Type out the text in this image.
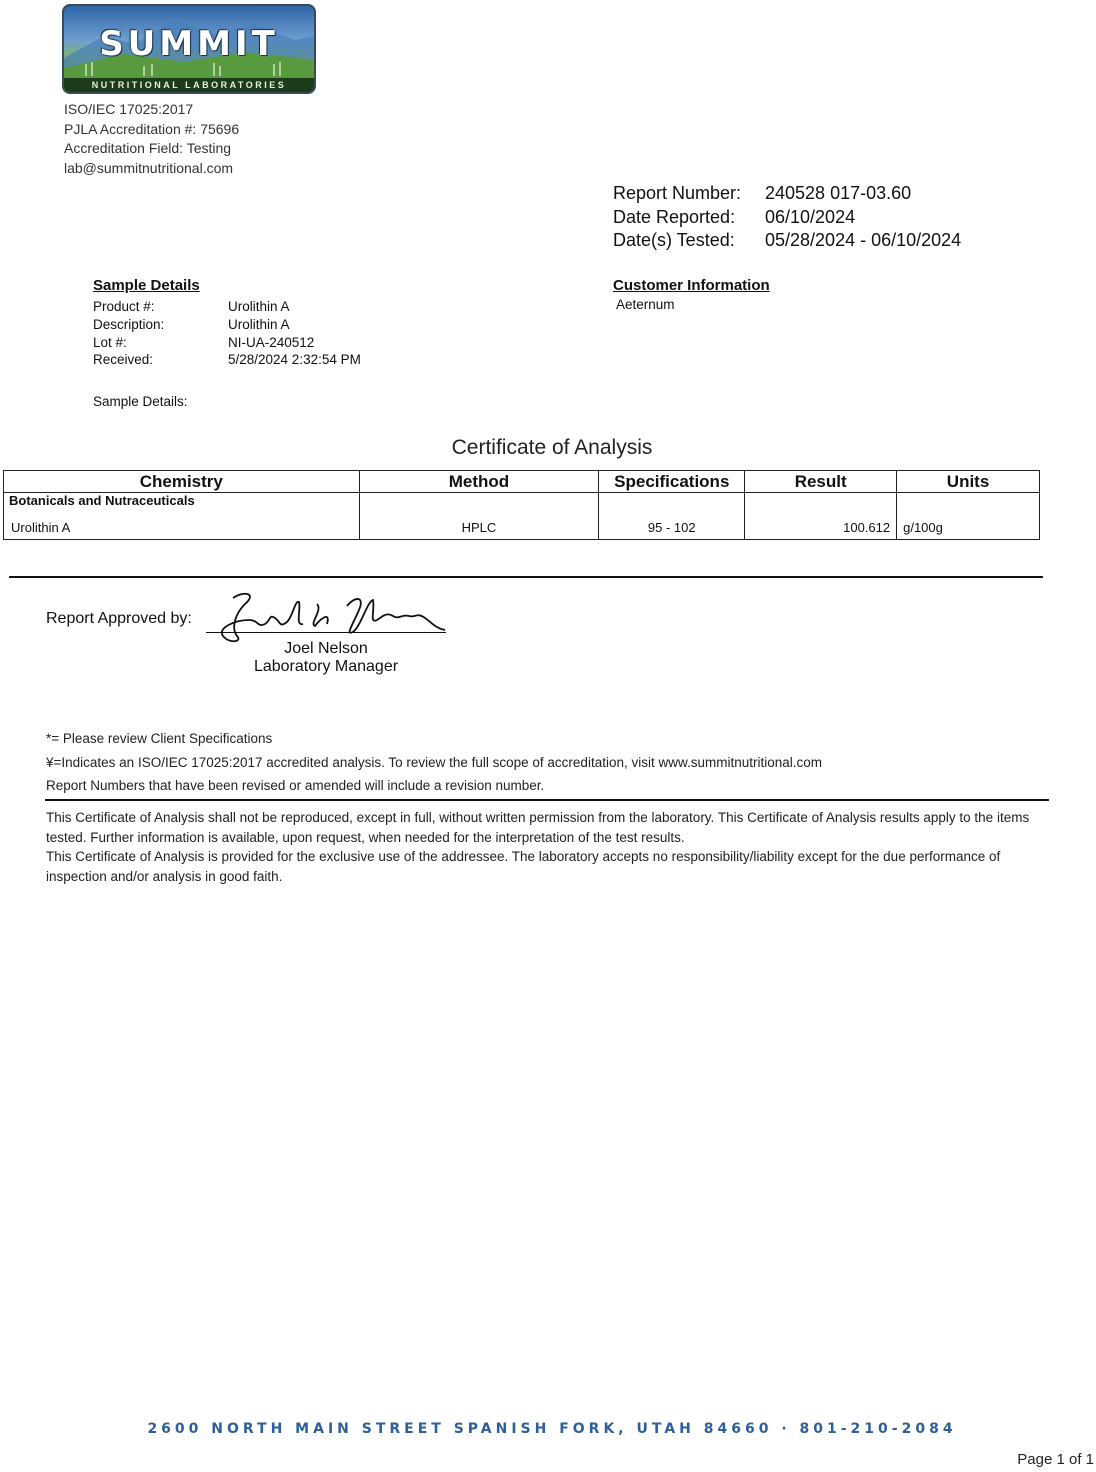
SUMMIT
NUTRITIONAL LABORATORIES
ISO/IEC 17025:2017
PJLA Accreditation #: 75696
Accreditation Field: Testing
lab@summitnutritional.com
Report Number: 240528 017-03.60
Date Reported: 06/10/2024
Date(s) Tested: 05/28/2024 - 06/10/2024
Sample Details
Product #:	Urolithin A
Description:	Urolithin A
Lot #:	NI-UA-240512
Received:	5/28/2024 2:32:54 PM
Customer Information
Aeternum
Sample Details:
Certificate of Analysis
Chemistry	Method	Specifications	Result	Units
Botanicals and Nutraceuticals				
Urolithin A	HPLC	95 - 102	100.612	g/100g
Report Approved by:
Joel Nelson
Laboratory Manager
*= Please review Client Specifications
¥=Indicates an ISO/IEC 17025:2017 accredited analysis. To review the full scope of accreditation, visit www.summitnutritional.com
Report Numbers that have been revised or amended will include a revision number.
This Certificate of Analysis shall not be reproduced, except in full, without written permission from the laboratory. This Certificate of Analysis results apply to the items tested. Further information is available, upon request, when needed for the interpretation of the test results.
This Certificate of Analysis is provided for the exclusive use of the addressee. The laboratory accepts no responsibility/liability except for the due performance of inspection and/or analysis in good faith.
2600 NORTH MAIN STREET SPANISH FORK, UTAH 84660 · 801-210-2084
Page 1 of 1
